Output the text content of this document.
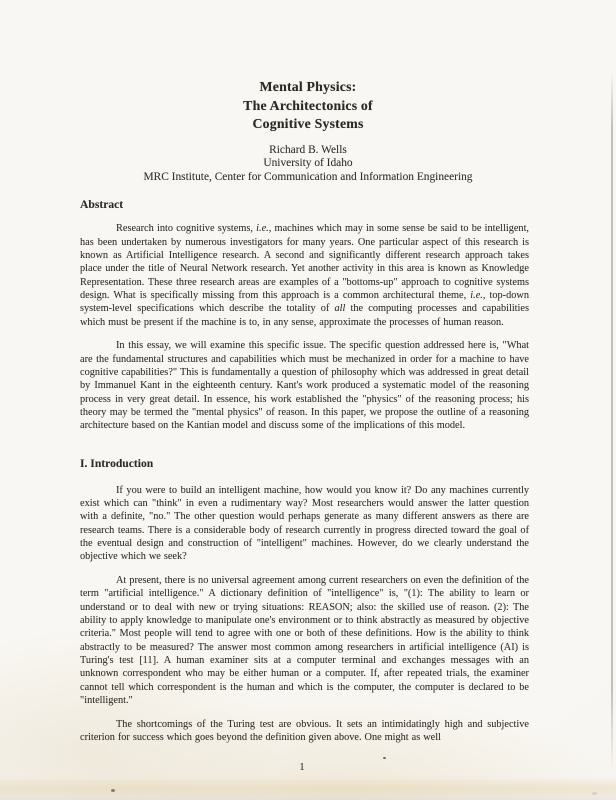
Mental Physics:
The Architectonics of
Cognitive Systems
Richard B. Wells
University of Idaho
MRC Institute, Center for Communication and Information Engineering
Abstract

Research into cognitive systems, i.e., machines which may in some sense be said to be intelligent, has been undertaken by numerous investigators for many years. One particular aspect of this research is known as Artificial Intelligence research. A second and significantly different research approach takes place under the title of Neural Network research. Yet another activity in this area is known as Knowledge Representation. These three research areas are examples of a "bottoms-up" approach to cognitive systems design. What is specifically missing from this approach is a common architectural theme, i.e., top-down system-level specifications which describe the totality of all the computing processes and capabilities which must be present if the machine is to, in any sense, approximate the processes of human reason.

In this essay, we will examine this specific issue. The specific question addressed here is, "What are the fundamental structures and capabilities which must be mechanized in order for a machine to have cognitive capabilities?" This is fundamentally a question of philosophy which was addressed in great detail by Immanuel Kant in the eighteenth century. Kant's work produced a systematic model of the reasoning process in very great detail. In essence, his work established the "physics" of the reasoning process; his theory may be termed the "mental physics" of reason. In this paper, we propose the outline of a reasoning architecture based on the Kantian model and discuss some of the implications of this model.

I. Introduction

If you were to build an intelligent machine, how would you know it? Do any machines currently exist which can "think" in even a rudimentary way? Most researchers would answer the latter question with a definite, "no." The other question would perhaps generate as many different answers as there are research teams. There is a considerable body of research currently in progress directed toward the goal of the eventual design and construction of "intelligent" machines. However, do we clearly understand the objective which we seek?

At present, there is no universal agreement among current researchers on even the definition of the term "artificial intelligence." A dictionary definition of "intelligence" is, "(1): The ability to learn or understand or to deal with new or trying situations: REASON; also: the skilled use of reason. (2): The ability to apply knowledge to manipulate one's environment or to think abstractly as measured by objective criteria." Most people will tend to agree with one or both of these definitions. How is the ability to think abstractly to be measured? The answer most common among researchers in artificial intelligence (AI) is Turing's test [11]. A human examiner sits at a computer terminal and exchanges messages with an unknown correspondent who may be either human or a computer. If, after repeated trials, the examiner cannot tell which correspondent is the human and which is the computer, the computer is declared to be "intelligent."

The shortcomings of the Turing test are obvious. It sets an intimidatingly high and subjective criterion for success which goes beyond the definition given above. One might as well

1
